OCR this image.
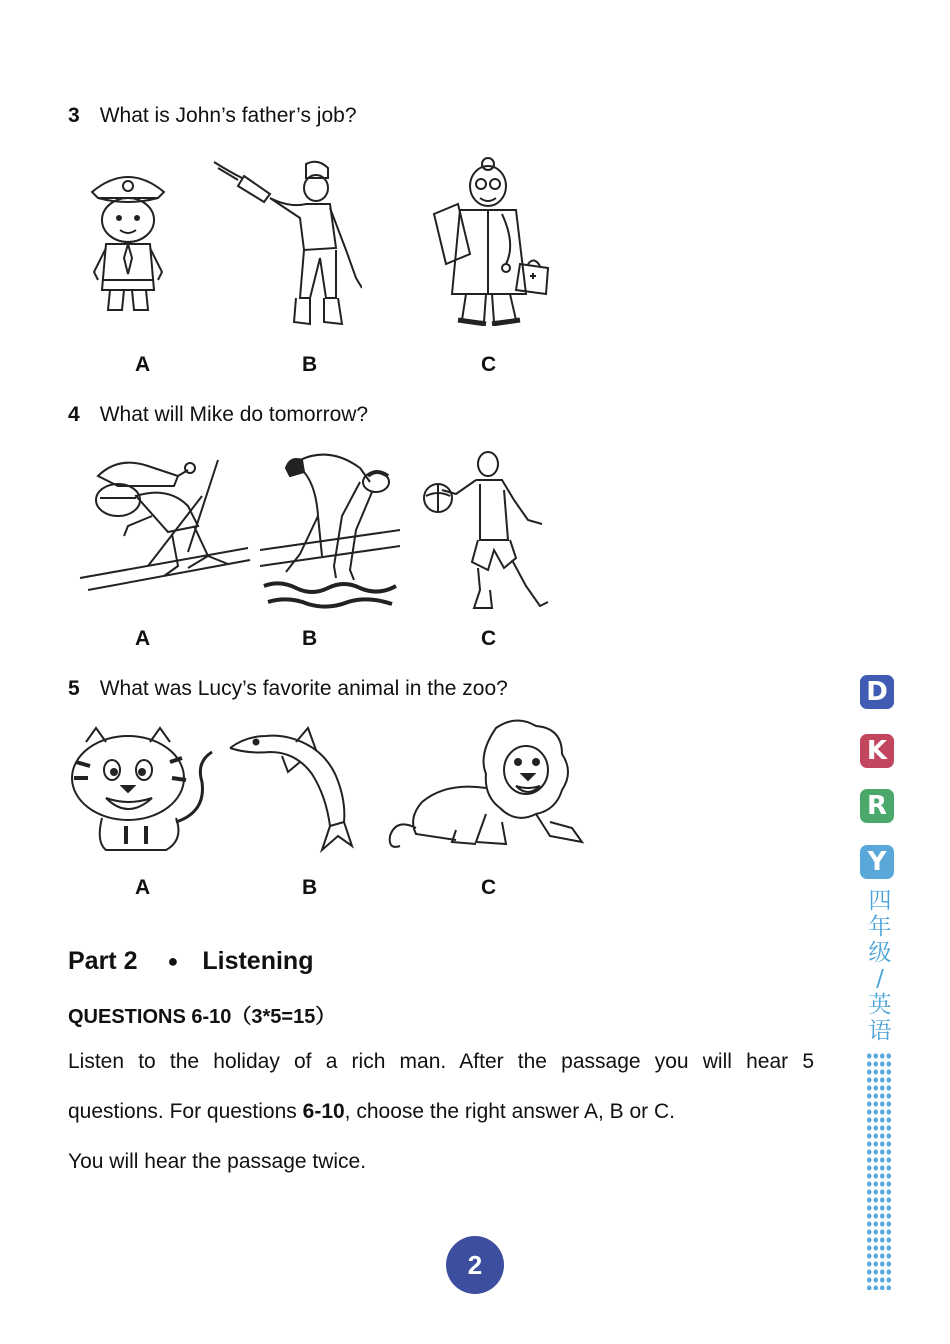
3 What is John’s father’s job?
A	B	C
4 What will Mike do tomorrow?
A	B	C
5 What was Lucy’s favorite animal in the zoo?
A	B	C
Part 2 ● Listening
QUESTIONS 6-10（3*5=15）
Listen to the holiday of a rich man. After the passage you will hear 5
questions. For questions 6-10, choose the right answer A, B or C.
You will hear the passage twice.
D
K
R
Y
四
年
级
/
英
语
2
